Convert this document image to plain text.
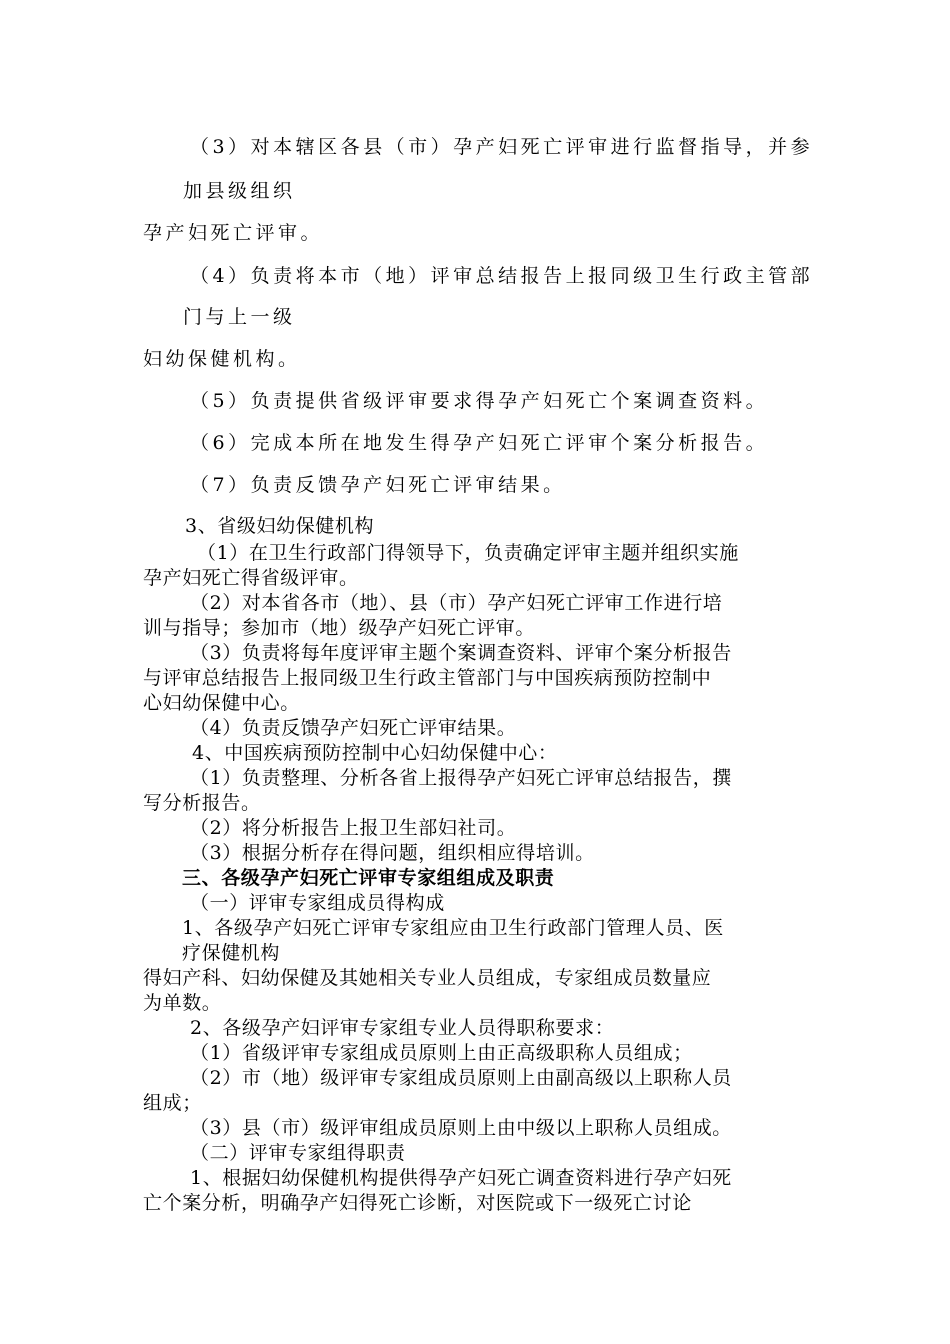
（3）对本辖区各县（市）孕产妇死亡评审进行监督指导，并参
加县级组织
孕产妇死亡评审。
（4）负责将本市（地）评审总结报告上报同级卫生行政主管部
门与上一级
妇幼保健机构。
（5）负责提供省级评审要求得孕产妇死亡个案调查资料。
（6）完成本所在地发生得孕产妇死亡评审个案分析报告。
（7）负责反馈孕产妇死亡评审结果。
3、省级妇幼保健机构
（1）在卫生行政部门得领导下，负责确定评审主题并组织实施
孕产妇死亡得省级评审。
（2）对本省各市（地）、县（市）孕产妇死亡评审工作进行培
训与指导；参加市（地）级孕产妇死亡评审。
（3）负责将每年度评审主题个案调查资料、评审个案分析报告
与评审总结报告上报同级卫生行政主管部门与中国疾病预防控制中
心妇幼保健中心。
（4）负责反馈孕产妇死亡评审结果。
4、中国疾病预防控制中心妇幼保健中心：
（1）负责整理、分析各省上报得孕产妇死亡评审总结报告，撰
写分析报告。
（2）将分析报告上报卫生部妇社司。
（3）根据分析存在得问题，组织相应得培训。
三、各级孕产妇死亡评审专家组组成及职责
（一）评审专家组成员得构成
1、各级孕产妇死亡评审专家组应由卫生行政部门管理人员、医
疗保健机构
得妇产科、妇幼保健及其她相关专业人员组成，专家组成员数量应
为单数。
2、各级孕产妇评审专家组专业人员得职称要求：
（1）省级评审专家组成员原则上由正高级职称人员组成；
（2）市（地）级评审专家组成员原则上由副高级以上职称人员
组成；
（3）县（市）级评审组成员原则上由中级以上职称人员组成。
（二）评审专家组得职责
1、根据妇幼保健机构提供得孕产妇死亡调查资料进行孕产妇死
亡个案分析，明确孕产妇得死亡诊断，对医院或下一级死亡讨论
